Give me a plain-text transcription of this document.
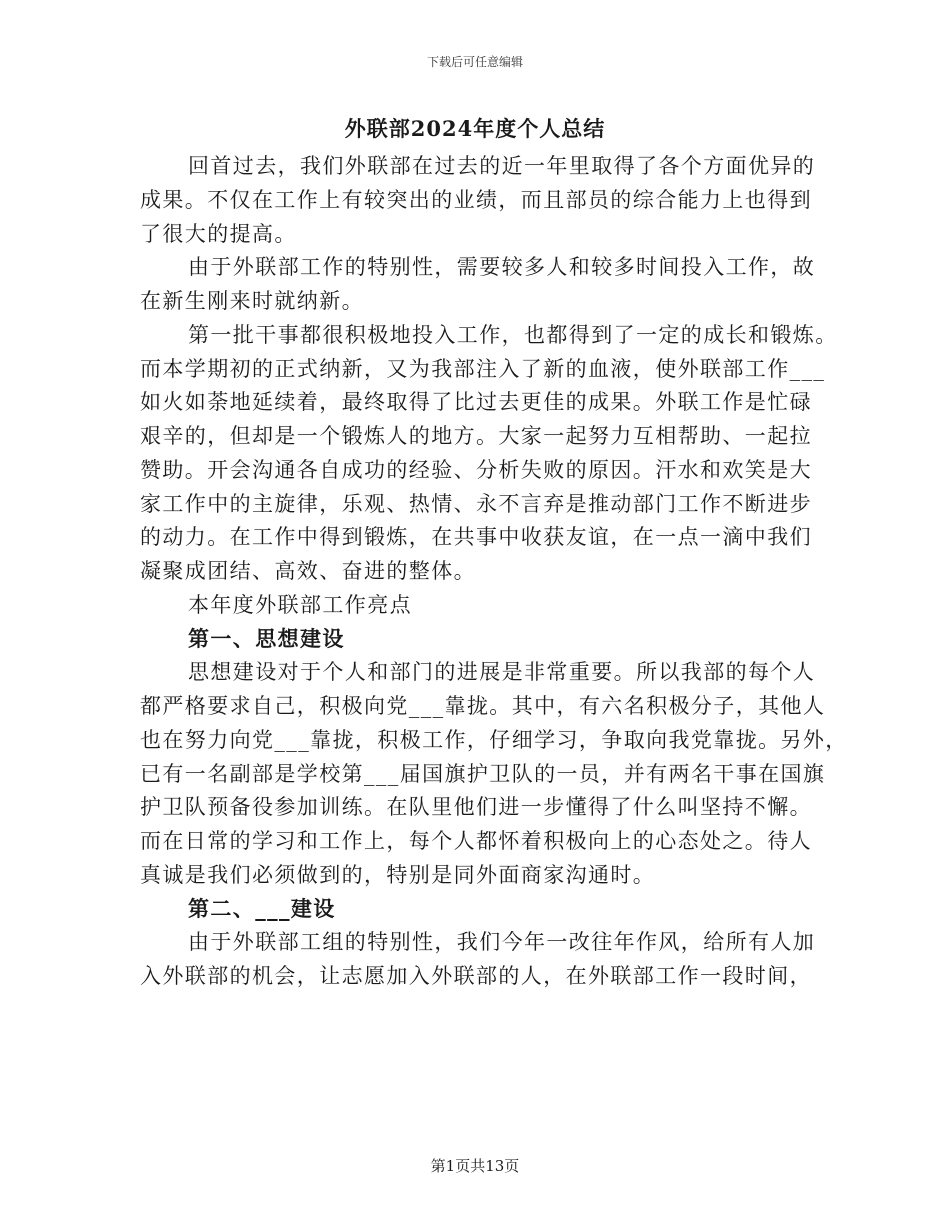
下载后可任意编辑
外联部2024年度个人总结
回首过去，我们外联部在过去的近一年里取得了各个方面优异的
成果。不仅在工作上有较突出的业绩，而且部员的综合能力上也得到
了很大的提高。
由于外联部工作的特别性，需要较多人和较多时间投入工作，故
在新生刚来时就纳新。
第一批干事都很积极地投入工作，也都得到了一定的成长和锻炼。
而本学期初的正式纳新，又为我部注入了新的血液，使外联部工作___
如火如荼地延续着，最终取得了比过去更佳的成果。外联工作是忙碌
艰辛的，但却是一个锻炼人的地方。大家一起努力互相帮助、一起拉
赞助。开会沟通各自成功的经验、分析失败的原因。汗水和欢笑是大
家工作中的主旋律，乐观、热情、永不言弃是推动部门工作不断进步
的动力。在工作中得到锻炼，在共事中收获友谊，在一点一滴中我们
凝聚成团结、高效、奋进的整体。
本年度外联部工作亮点
第一、思想建设
思想建设对于个人和部门的进展是非常重要。所以我部的每个人
都严格要求自己，积极向党___靠拢。其中，有六名积极分子，其他人
也在努力向党___靠拢，积极工作，仔细学习，争取向我党靠拢。另外，
已有一名副部是学校第___届国旗护卫队的一员，并有两名干事在国旗
护卫队预备役参加训练。在队里他们进一步懂得了什么叫坚持不懈。
而在日常的学习和工作上，每个人都怀着积极向上的心态处之。待人
真诚是我们必须做到的，特别是同外面商家沟通时。
第二、___建设
由于外联部工组的特别性，我们今年一改往年作风，给所有人加
入外联部的机会，让志愿加入外联部的人，在外联部工作一段时间，
第1页共13页
